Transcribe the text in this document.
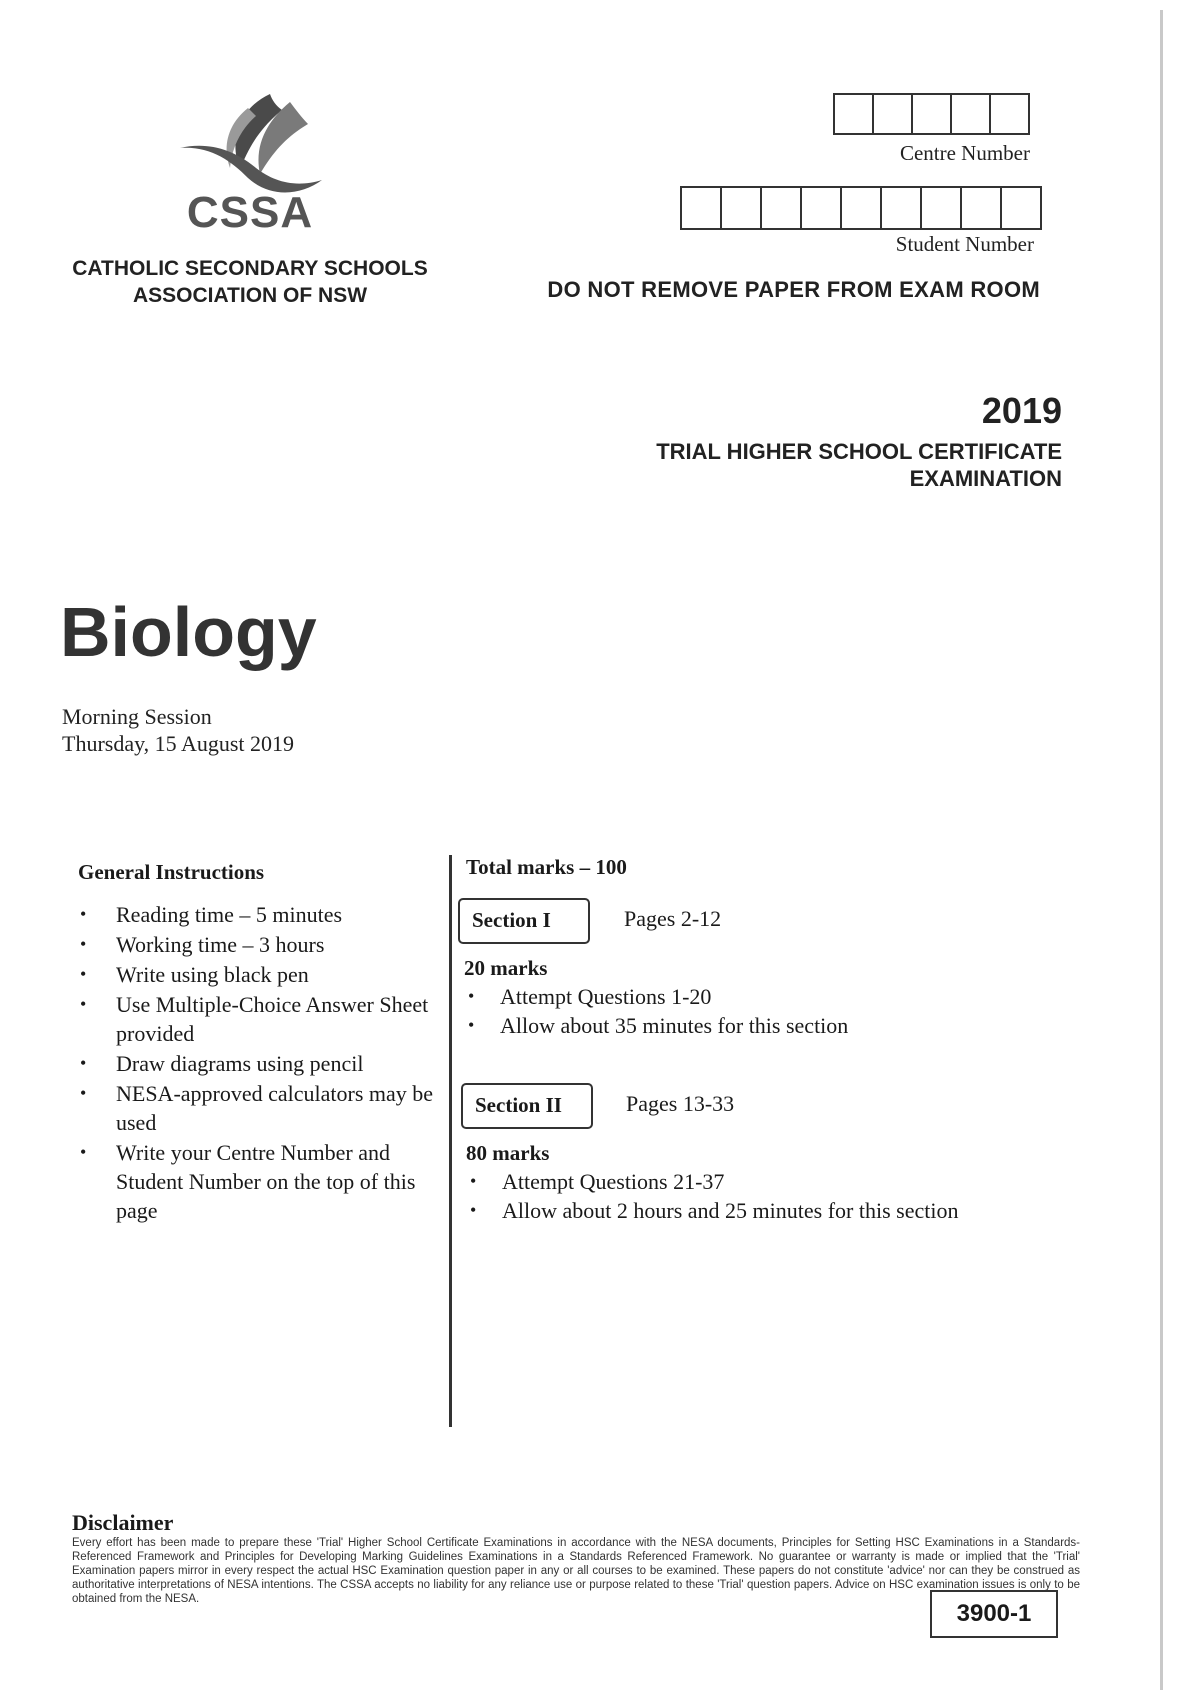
CSSA
CATHOLIC SECONDARY SCHOOLS
ASSOCIATION OF NSW
Centre Number
Student Number
DO NOT REMOVE PAPER FROM EXAM ROOM
2019
TRIAL HIGHER SCHOOL CERTIFICATE
EXAMINATION
Biology
Morning Session
Thursday, 15 August 2019
General Instructions
• Reading time – 5 minutes
• Working time – 3 hours
• Write using black pen
• Use Multiple-Choice Answer Sheet provided
• Draw diagrams using pencil
• NESA-approved calculators may be used
• Write your Centre Number and Student Number on the top of this page
Total marks – 100
Section I	Pages 2-12
20 marks
• Attempt Questions 1-20
• Allow about 35 minutes for this section
Section II	Pages 13-33
80 marks
• Attempt Questions 21-37
• Allow about 2 hours and 25 minutes for this section
Disclaimer
Every effort has been made to prepare these 'Trial' Higher School Certificate Examinations in accordance with the NESA documents, Principles for Setting HSC Examinations in a Standards-Referenced Framework and Principles for Developing Marking Guidelines Examinations in a Standards Referenced Framework. No guarantee or warranty is made or implied that the 'Trial' Examination papers mirror in every respect the actual HSC Examination question paper in any or all courses to be examined. These papers do not constitute 'advice' nor can they be construed as authoritative interpretations of NESA intentions. The CSSA accepts no liability for any reliance use or purpose related to these 'Trial' question papers. Advice on HSC examination issues is only to be obtained from the NESA.
3900-1
